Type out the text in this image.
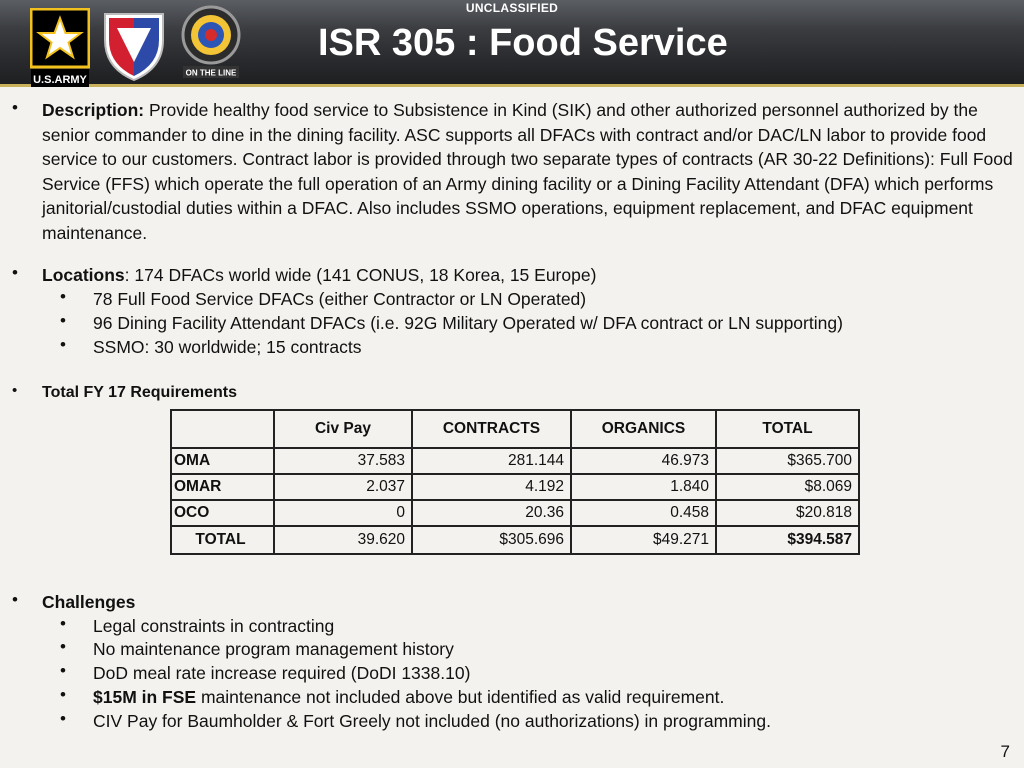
UNCLASSIFIED
U.S.ARMY
ON THE LINE
ISR 305 : Food Service
• Description: Provide healthy food service to Subsistence in Kind (SIK) and other authorized personnel authorized by the senior commander to dine in the dining facility. ASC supports all DFACs with contract and/or DAC/LN labor to provide food service to our customers. Contract labor is provided through two separate types of contracts (AR 30-22 Definitions): Full Food Service (FFS) which operate the full operation of an Army dining facility or a Dining Facility Attendant (DFA) which performs janitorial/custodial duties within a DFAC. Also includes SSMO operations, equipment replacement, and DFAC equipment maintenance.
• Locations: 174 DFACs world wide (141 CONUS, 18 Korea, 15 Europe)
• 78 Full Food Service DFACs (either Contractor or LN Operated)
• 96 Dining Facility Attendant DFACs (i.e. 92G Military Operated w/ DFA contract or LN supporting)
• SSMO: 30 worldwide; 15 contracts
• Total FY 17 Requirements
	Civ Pay	CONTRACTS	ORGANICS	TOTAL
OMA	37.583	281.144	46.973	$365.700
OMAR	2.037	4.192	1.840	$8.069
OCO	0	20.36	0.458	$20.818
TOTAL	39.620	$305.696	$49.271	$394.587
• Challenges
• Legal constraints in contracting
• No maintenance program management history
• DoD meal rate increase required (DoDI 1338.10)
• $15M in FSE maintenance not included above but identified as valid requirement.
• CIV Pay for Baumholder & Fort Greely not included (no authorizations) in programming.
7
